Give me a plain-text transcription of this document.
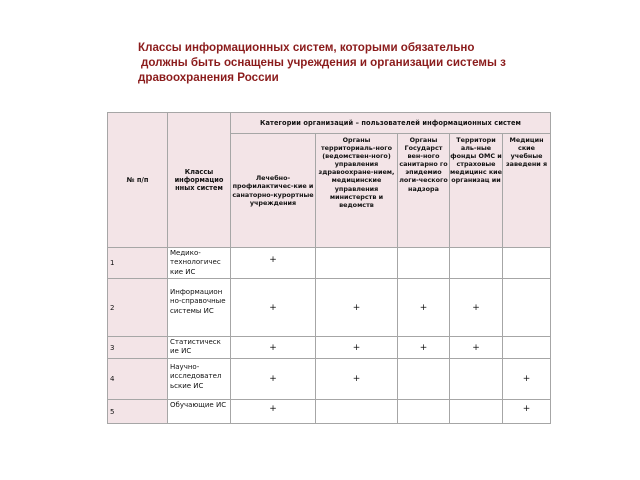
Классы информационных систем, которыми обязательно
должны быть оснащены учреждения и организации системы з
дравоохранения России
№ п/п	Классы информацио нных систем	Категории организаций – пользователей информационных систем				
		Лечебно-профилактичес-кие и санаторно-курортные учреждения	Органы территориаль-ного (ведомствен-ного) управления здравоохране-нием, медицинские управления министерств и ведомств	Органы Государст вен-ного санитарно го эпидемио логи-ческого надзора	Территори аль-ные фонды ОМС и страховые медицинс кие организац ии	Медицин ские учебные заведени я
1	Медико-технологичес кие ИС	+				
2	Информацион но-справочные системы ИС	+	+	+	+	
3	Статистическ ие ИС	+	+	+	+	
4	Научно-исследовател ьские ИС	+	+			+
5	Обучающие ИС	+				+
